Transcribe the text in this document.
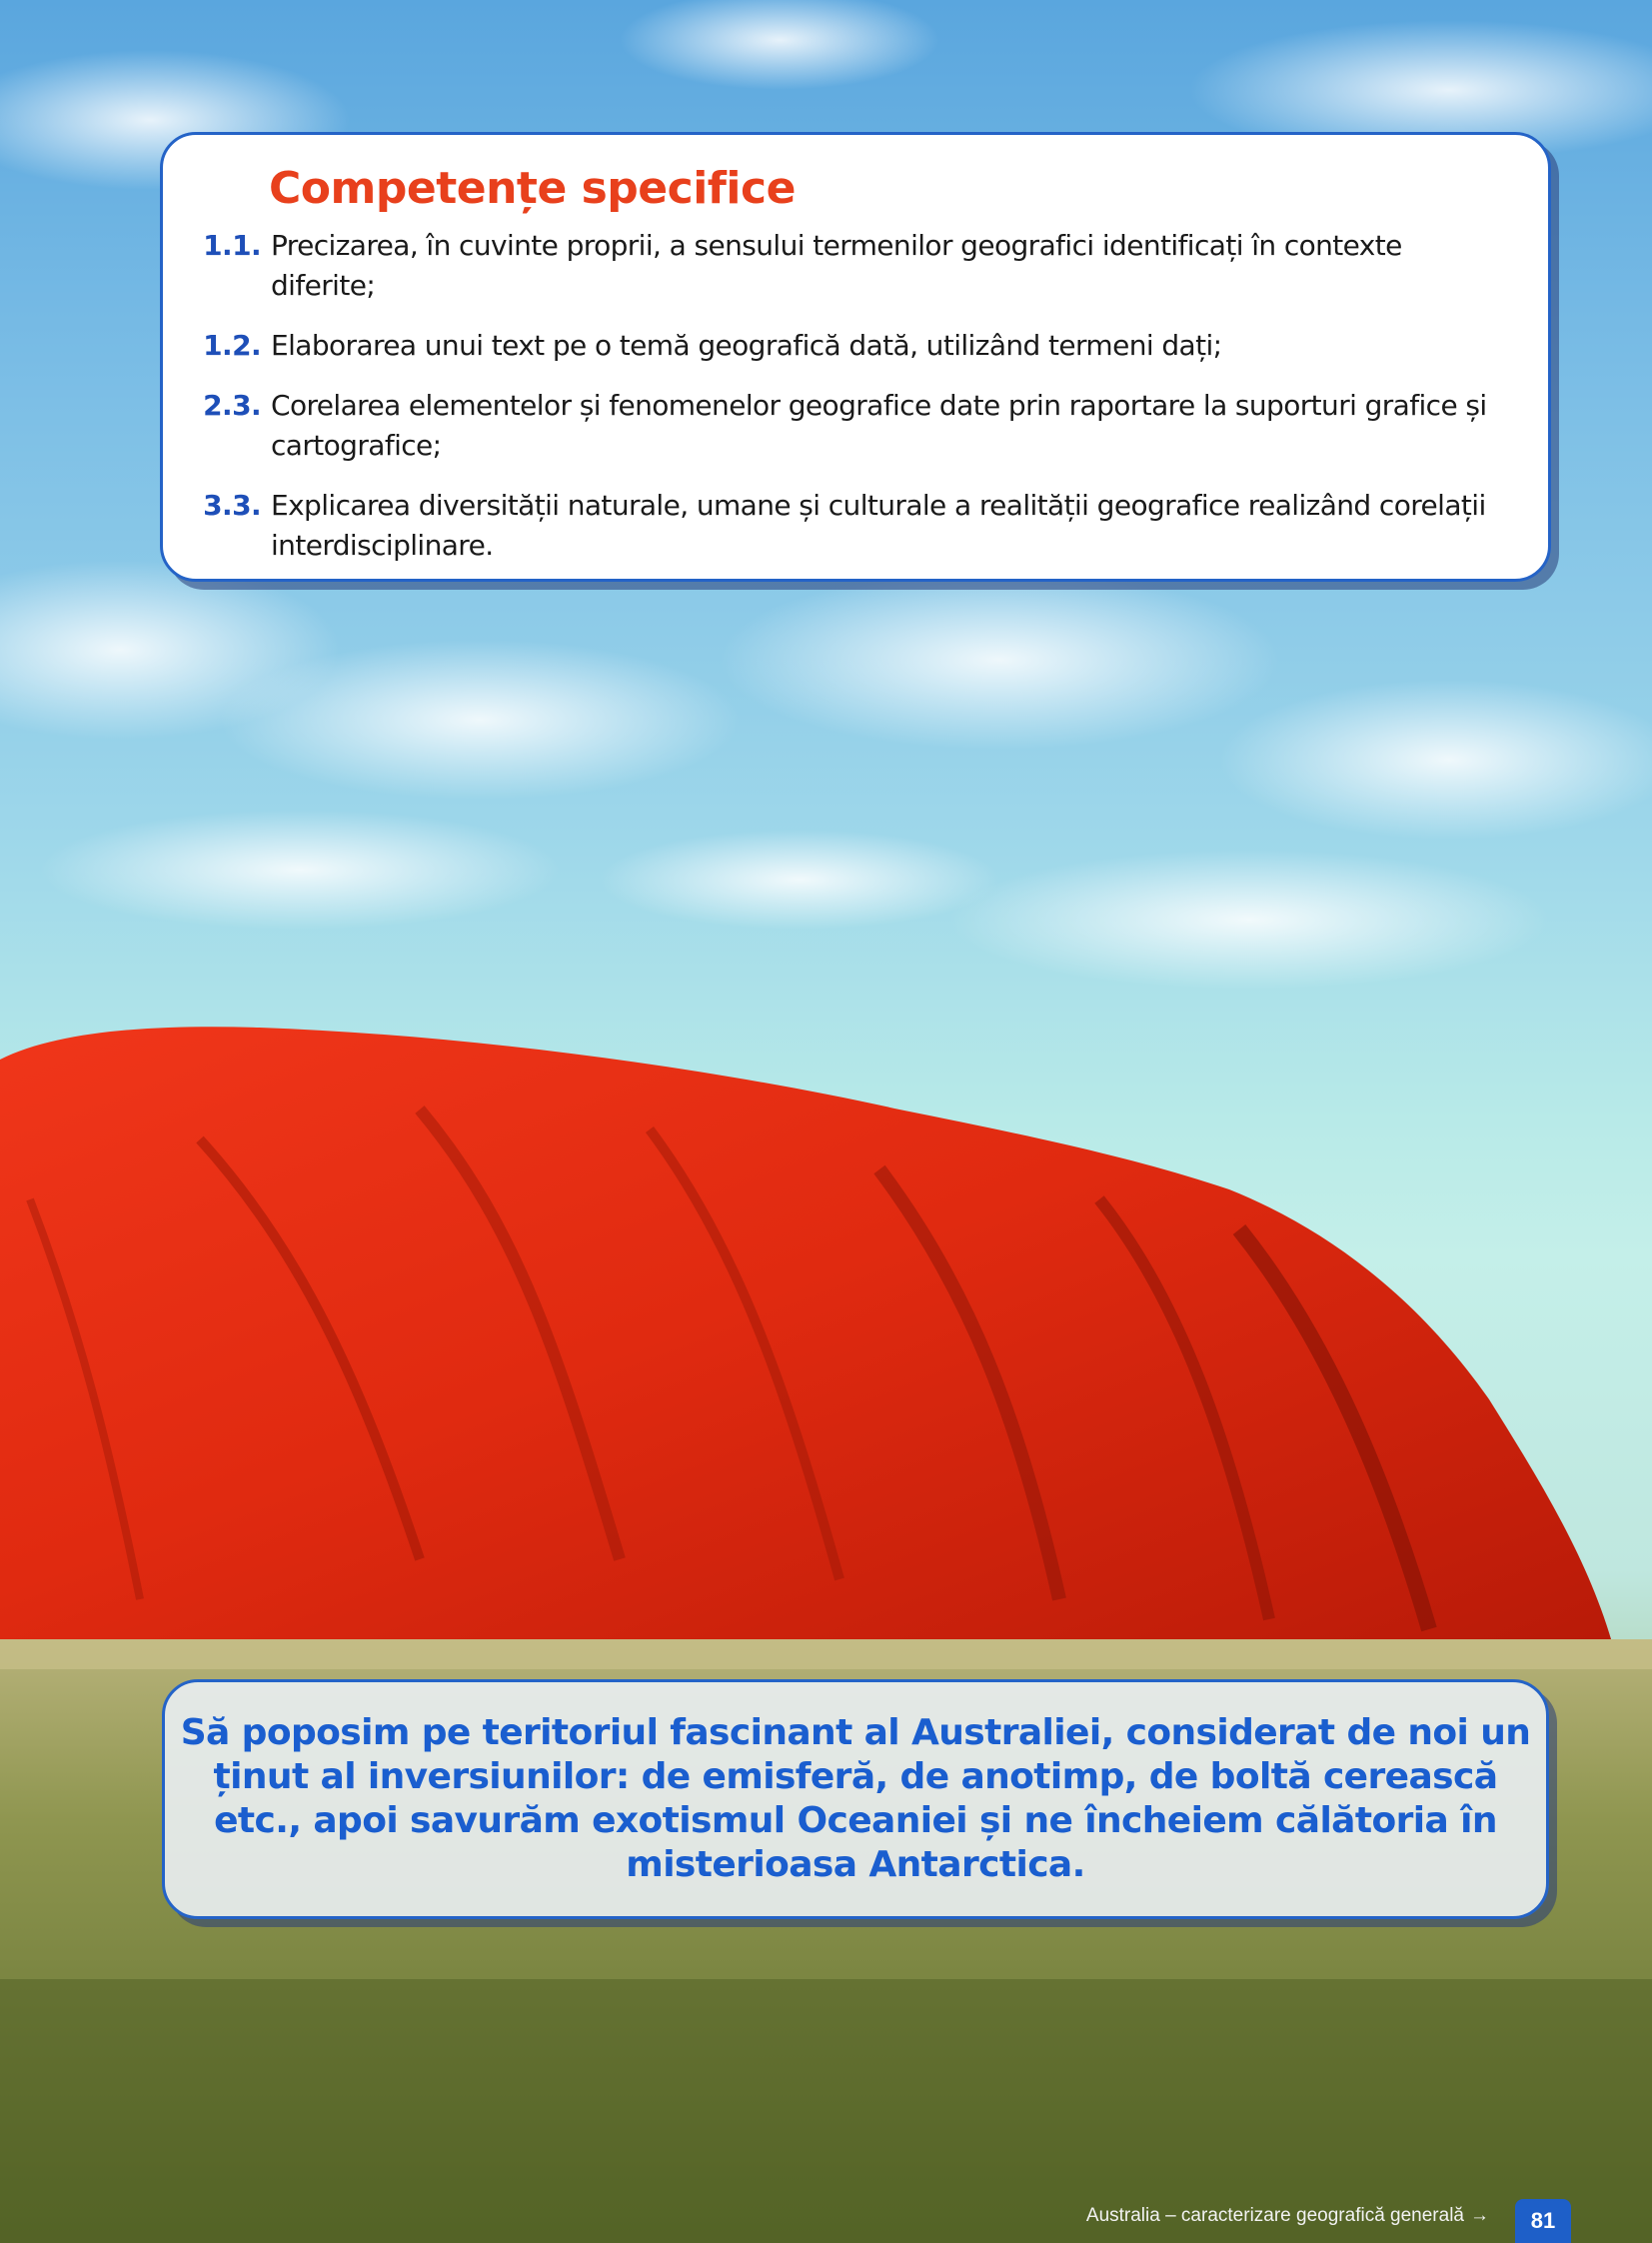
Competențe specifice
1.1. Precizarea, în cuvinte proprii, a sensului termenilor geografici identificați în contexte diferite;
1.2. Elaborarea unui text pe o temă geografică dată, utilizând termeni dați;
2.3. Corelarea elementelor și fenomenelor geografice date prin raportare la suporturi grafice și cartografice;
3.3. Explicarea diversității naturale, umane și culturale a realității geografice realizând corelații interdisciplinare.

Să poposim pe teritoriul fascinant al Australiei, considerat de noi un ținut al inversiunilor: de emisferă, de anotimp, de boltă cerească etc., apoi savurăm exotismul Oceaniei și ne încheiem călătoria în misterioasa Antarctica.

Australia – caracterizare geografică generală →	81
